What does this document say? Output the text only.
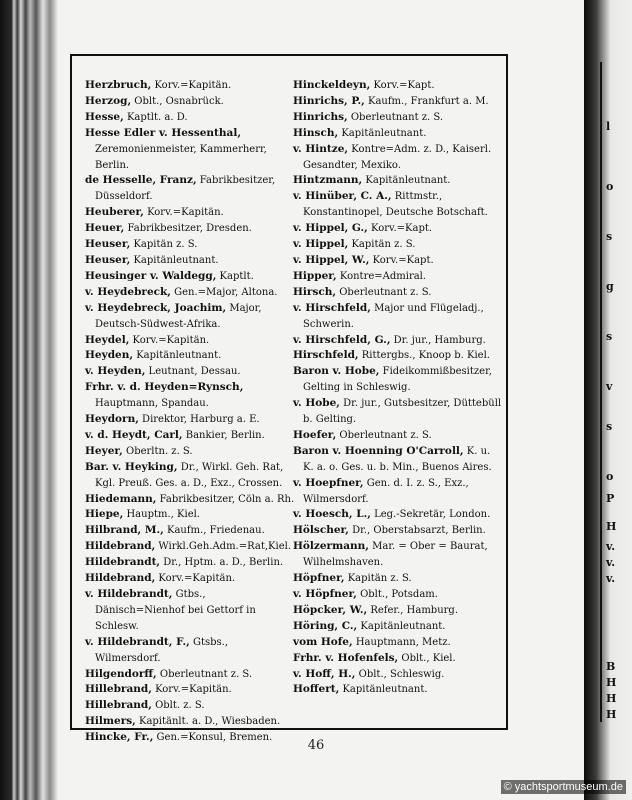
l
o
s
g
s
v
s
o
P
H
v.
v.
v.
B
H
H
H
Herzbruch, Korv.=Kapitän.
Herzog, Oblt., Osnabrück.
Hesse, Kaptlt. a. D.
Hesse Edler v. Hessenthal, Zeremonienmeister, Kammerherr, Berlin.
de Hesselle, Franz, Fabrikbesitzer, Düsseldorf.
Heuberer, Korv.=Kapitän.
Heuer, Fabrikbesitzer, Dresden.
Heuser, Kapitän z. S.
Heuser, Kapitänleutnant.
Heusinger v. Waldegg, Kaptlt.
v. Heydebreck, Gen.=Major, Altona.
v. Heydebreck, Joachim, Major, Deutsch-Südwest-Afrika.
Heydel, Korv.=Kapitän.
Heyden, Kapitänleutnant.
v. Heyden, Leutnant, Dessau.
Frhr. v. d. Heyden=Rynsch, Hauptmann, Spandau.
Heydorn, Direktor, Harburg a. E.
v. d. Heydt, Carl, Bankier, Berlin.
Heyer, Oberltn. z. S.
Bar. v. Heyking, Dr., Wirkl. Geh. Rat, Kgl. Preuß. Ges. a. D., Exz., Crossen.
Hiedemann, Fabrikbesitzer, Cöln a. Rh.
Hiepe, Hauptm., Kiel.
Hilbrand, M., Kaufm., Friedenau.
Hildebrand, Wirkl.Geh.Adm.=Rat,Kiel.
Hildebrandt, Dr., Hptm. a. D., Berlin.
Hildebrand, Korv.=Kapitän.
v. Hildebrandt, Gtbs., Dänisch=Nienhof bei Gettorf in Schlesw.
v. Hildebrandt, F., Gtsbs., Wilmersdorf.
Hilgendorff, Oberleutnant z. S.
Hillebrand, Korv.=Kapitän.
Hillebrand, Oblt. z. S.
Hilmers, Kapitänlt. a. D., Wiesbaden.
Hincke, Fr., Gen.=Konsul, Bremen.
Hinckeldeyn, Korv.=Kapt.
Hinrichs, P., Kaufm., Frankfurt a. M.
Hinrichs, Oberleutnant z. S.
Hinsch, Kapitänleutnant.
v. Hintze, Kontre=Adm. z. D., Kaiserl. Gesandter, Mexiko.
Hintzmann, Kapitänleutnant.
v. Hinüber, C. A., Rittmstr., Konstantinopel, Deutsche Botschaft.
v. Hippel, G., Korv.=Kapt.
v. Hippel, Kapitän z. S.
v. Hippel, W., Korv.=Kapt.
Hipper, Kontre=Admiral.
Hirsch, Oberleutnant z. S.
v. Hirschfeld, Major und Flügeladj., Schwerin.
v. Hirschfeld, G., Dr. jur., Hamburg.
Hirschfeld, Rittergbs., Knoop b. Kiel.
Baron v. Hobe, Fideikommißbesitzer, Gelting in Schleswig.
v. Hobe, Dr. jur., Gutsbesitzer, Düttebüll b. Gelting.
Hoefer, Oberleutnant z. S.
Baron v. Hoenning O'Carroll, K. u. K. a. o. Ges. u. b. Min., Buenos Aires.
v. Hoepfner, Gen. d. I. z. S., Exz., Wilmersdorf.
v. Hoesch, L., Leg.-Sekretär, London.
Hölscher, Dr., Oberstabsarzt, Berlin.
Hölzermann, Mar. = Ober = Baurat, Wilhelmshaven.
Höpfner, Kapitän z. S.
v. Höpfner, Oblt., Potsdam.
Höpcker, W., Refer., Hamburg.
Höring, C., Kapitänleutnant.
vom Hofe, Hauptmann, Metz.
Frhr. v. Hofenfels, Oblt., Kiel.
v. Hoff, H., Oblt., Schleswig.
Hoffert, Kapitänleutnant.
46
© yachtsportmuseum.de
